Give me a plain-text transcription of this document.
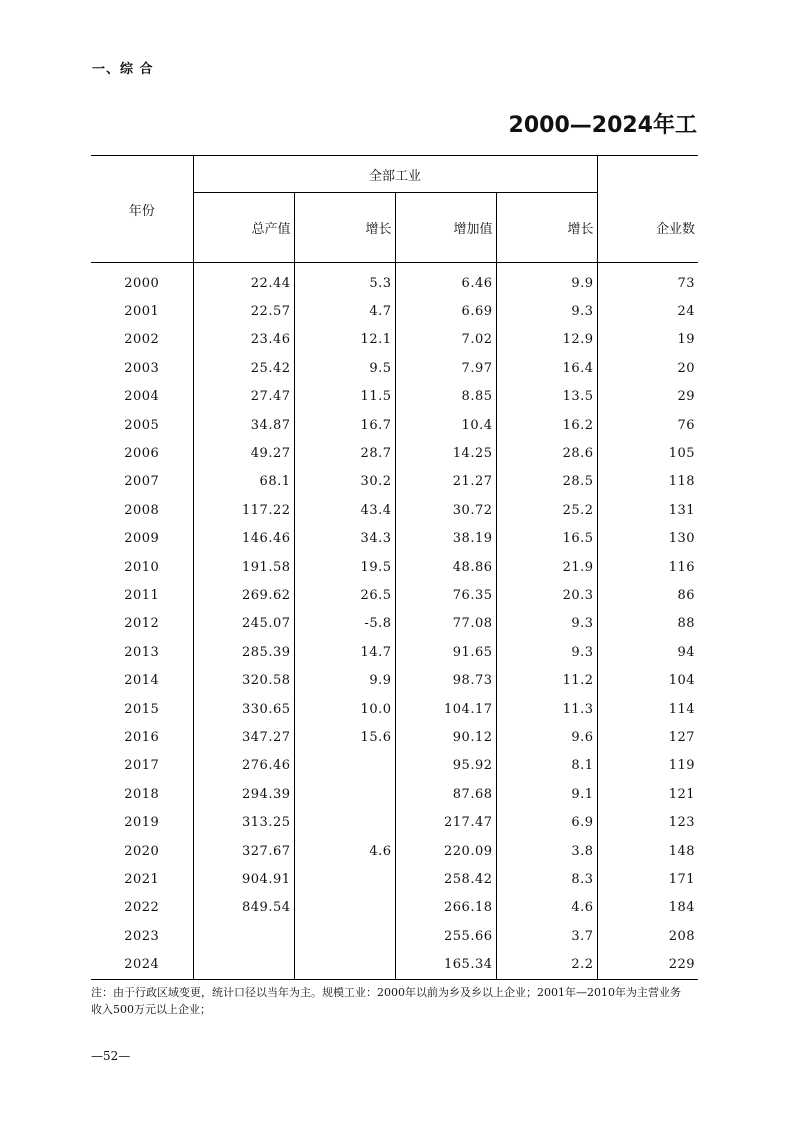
一、综 合
2000—2024年工
年份	全部工业				
	总产值	增长	增加值	增长	企业数
2000	22.44	5.3	6.46	9.9	73
2001	22.57	4.7	6.69	9.3	24
2002	23.46	12.1	7.02	12.9	19
2003	25.42	9.5	7.97	16.4	20
2004	27.47	11.5	8.85	13.5	29
2005	34.87	16.7	10.4	16.2	76
2006	49.27	28.7	14.25	28.6	105
2007	68.1	30.2	21.27	28.5	118
2008	117.22	43.4	30.72	25.2	131
2009	146.46	34.3	38.19	16.5	130
2010	191.58	19.5	48.86	21.9	116
2011	269.62	26.5	76.35	20.3	86
2012	245.07	-5.8	77.08	9.3	88
2013	285.39	14.7	91.65	9.3	94
2014	320.58	9.9	98.73	11.2	104
2015	330.65	10.0	104.17	11.3	114
2016	347.27	15.6	90.12	9.6	127
2017	276.46		95.92	8.1	119
2018	294.39		87.68	9.1	121
2019	313.25		217.47	6.9	123
2020	327.67	4.6	220.09	3.8	148
2021	904.91		258.42	8.3	171
2022	849.54		266.18	4.6	184
2023			255.66	3.7	208
2024			165.34	2.2	229
注：由于行政区域变更，统计口径以当年为主。规模工业：2000年以前为乡及乡以上企业；2001年—2010年为主营业务
收入500万元以上企业；
—52—
